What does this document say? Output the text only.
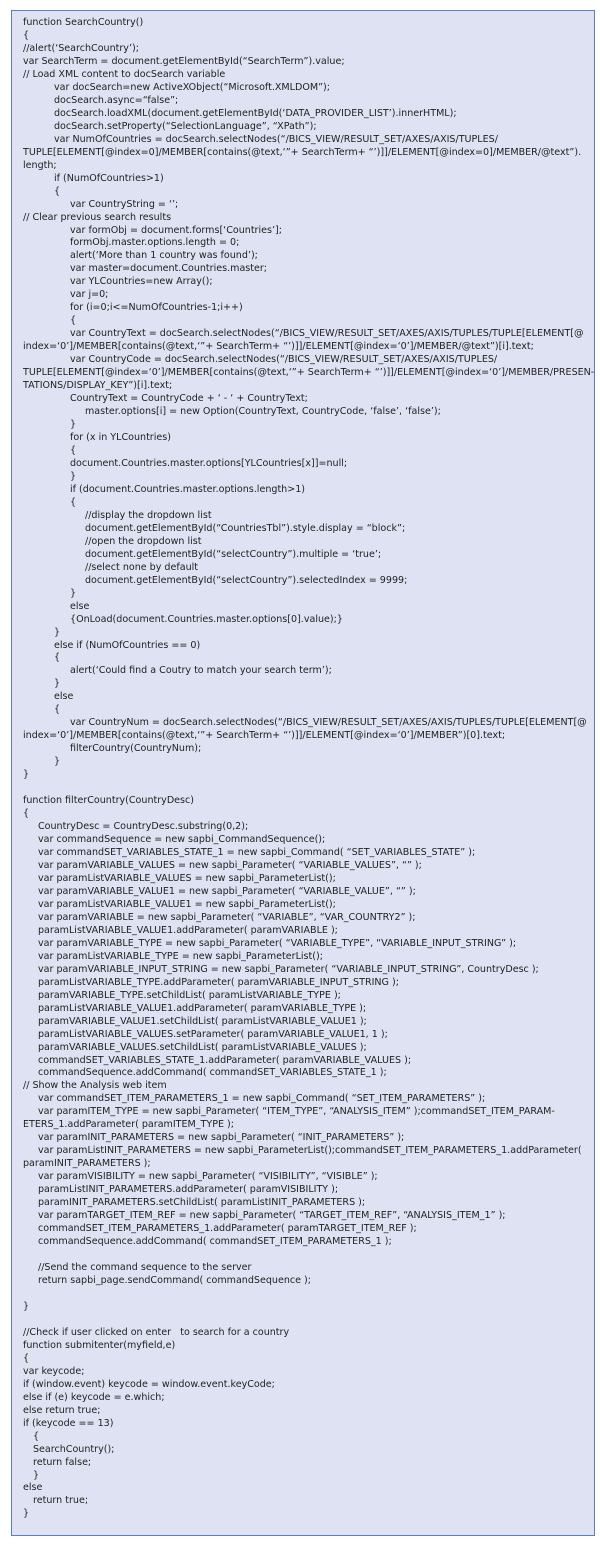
function SearchCountry()
{
//alert(‘SearchCountry’);
var SearchTerm = document.getElementById(“SearchTerm”).value;
// Load XML content to docSearch variable
var docSearch=new ActiveXObject(“Microsoft.XMLDOM”);
docSearch.async=“false”;
docSearch.loadXML(document.getElementById(‘DATA_PROVIDER_LIST’).innerHTML);
docSearch.setProperty(“SelectionLanguage”, “XPath”);
var NumOfCountries = docSearch.selectNodes(“/BICS_VIEW/RESULT_SET/AXES/AXIS/TUPLES/
TUPLE[ELEMENT[@index=0]/MEMBER[contains(@text,‘”+ SearchTerm+ “’)]]/ELEMENT[@index=0]/MEMBER/@text”).
length;
if (NumOfCountries>1)
{
var CountryString = ‘’;
// Clear previous search results
var formObj = document.forms[‘Countries’];
formObj.master.options.length = 0;
alert(‘More than 1 country was found’);
var master=document.Countries.master;
var YLCountries=new Array();
var j=0;
for (i=0;i<=NumOfCountries-1;i++)
{
var CountryText = docSearch.selectNodes(“/BICS_VIEW/RESULT_SET/AXES/AXIS/TUPLES/TUPLE[ELEMENT[@
index=‘0’]/MEMBER[contains(@text,‘”+ SearchTerm+ “’)]]/ELEMENT[@index=‘0’]/MEMBER/@text”)[i].text;
var CountryCode = docSearch.selectNodes(“/BICS_VIEW/RESULT_SET/AXES/AXIS/TUPLES/
TUPLE[ELEMENT[@index=‘0’]/MEMBER[contains(@text,‘”+ SearchTerm+ “’)]]/ELEMENT[@index=‘0’]/MEMBER/PRESEN-
TATIONS/DISPLAY_KEY”)[i].text;
CountryText = CountryCode + ‘ - ‘ + CountryText;
master.options[i] = new Option(CountryText, CountryCode, ‘false’, ‘false’);
}
for (x in YLCountries)
{
document.Countries.master.options[YLCountries[x]]=null;
}
if (document.Countries.master.options.length>1)
{
//display the dropdown list
document.getElementById(“CountriesTbl”).style.display = “block”;
//open the dropdown list
document.getElementById(“selectCountry”).multiple = ‘true’;
//select none by default
document.getElementById(“selectCountry”).selectedIndex = 9999;
}
else
{OnLoad(document.Countries.master.options[0].value);}
}
else if (NumOfCountries == 0)
{
alert(‘Could find a Coutry to match your search term’);
}
else
{
var CountryNum = docSearch.selectNodes(“/BICS_VIEW/RESULT_SET/AXES/AXIS/TUPLES/TUPLE[ELEMENT[@
index=‘0’]/MEMBER[contains(@text,‘”+ SearchTerm+ “’)]]/ELEMENT[@index=‘0’]/MEMBER”)[0].text;
filterCountry(CountryNum);
}
}
function filterCountry(CountryDesc)
{
CountryDesc = CountryDesc.substring(0,2);
var commandSequence = new sapbi_CommandSequence();
var commandSET_VARIABLES_STATE_1 = new sapbi_Command( “SET_VARIABLES_STATE” );
var paramVARIABLE_VALUES = new sapbi_Parameter( “VARIABLE_VALUES”, “” );
var paramListVARIABLE_VALUES = new sapbi_ParameterList();
var paramVARIABLE_VALUE1 = new sapbi_Parameter( “VARIABLE_VALUE”, “” );
var paramListVARIABLE_VALUE1 = new sapbi_ParameterList();
var paramVARIABLE = new sapbi_Parameter( “VARIABLE”, “VAR_COUNTRY2” );
paramListVARIABLE_VALUE1.addParameter( paramVARIABLE );
var paramVARIABLE_TYPE = new sapbi_Parameter( “VARIABLE_TYPE”, “VARIABLE_INPUT_STRING” );
var paramListVARIABLE_TYPE = new sapbi_ParameterList();
var paramVARIABLE_INPUT_STRING = new sapbi_Parameter( “VARIABLE_INPUT_STRING”, CountryDesc );
paramListVARIABLE_TYPE.addParameter( paramVARIABLE_INPUT_STRING );
paramVARIABLE_TYPE.setChildList( paramListVARIABLE_TYPE );
paramListVARIABLE_VALUE1.addParameter( paramVARIABLE_TYPE );
paramVARIABLE_VALUE1.setChildList( paramListVARIABLE_VALUE1 );
paramListVARIABLE_VALUES.setParameter( paramVARIABLE_VALUE1, 1 );
paramVARIABLE_VALUES.setChildList( paramListVARIABLE_VALUES );
commandSET_VARIABLES_STATE_1.addParameter( paramVARIABLE_VALUES );
commandSequence.addCommand( commandSET_VARIABLES_STATE_1 );
// Show the Analysis web item
var commandSET_ITEM_PARAMETERS_1 = new sapbi_Command( “SET_ITEM_PARAMETERS” );
var paramITEM_TYPE = new sapbi_Parameter( “ITEM_TYPE”, “ANALYSIS_ITEM” );commandSET_ITEM_PARAM-
ETERS_1.addParameter( paramITEM_TYPE );
var paramINIT_PARAMETERS = new sapbi_Parameter( “INIT_PARAMETERS” );
var paramListINIT_PARAMETERS = new sapbi_ParameterList();commandSET_ITEM_PARAMETERS_1.addParameter(
paramINIT_PARAMETERS );
var paramVISIBILITY = new sapbi_Parameter( “VISIBILITY”, “VISIBLE” );
paramListINIT_PARAMETERS.addParameter( paramVISIBILITY );
paramINIT_PARAMETERS.setChildList( paramListINIT_PARAMETERS );
var paramTARGET_ITEM_REF = new sapbi_Parameter( “TARGET_ITEM_REF”, “ANALYSIS_ITEM_1” );
commandSET_ITEM_PARAMETERS_1.addParameter( paramTARGET_ITEM_REF );
commandSequence.addCommand( commandSET_ITEM_PARAMETERS_1 );
//Send the command sequence to the server
return sapbi_page.sendCommand( commandSequence );
}
//Check if user clicked on enter   to search for a country
function submitenter(myfield,e)
{
var keycode;
if (window.event) keycode = window.event.keyCode;
else if (e) keycode = e.which;
else return true;
if (keycode == 13)
{
SearchCountry();
return false;
}
else
return true;
}
